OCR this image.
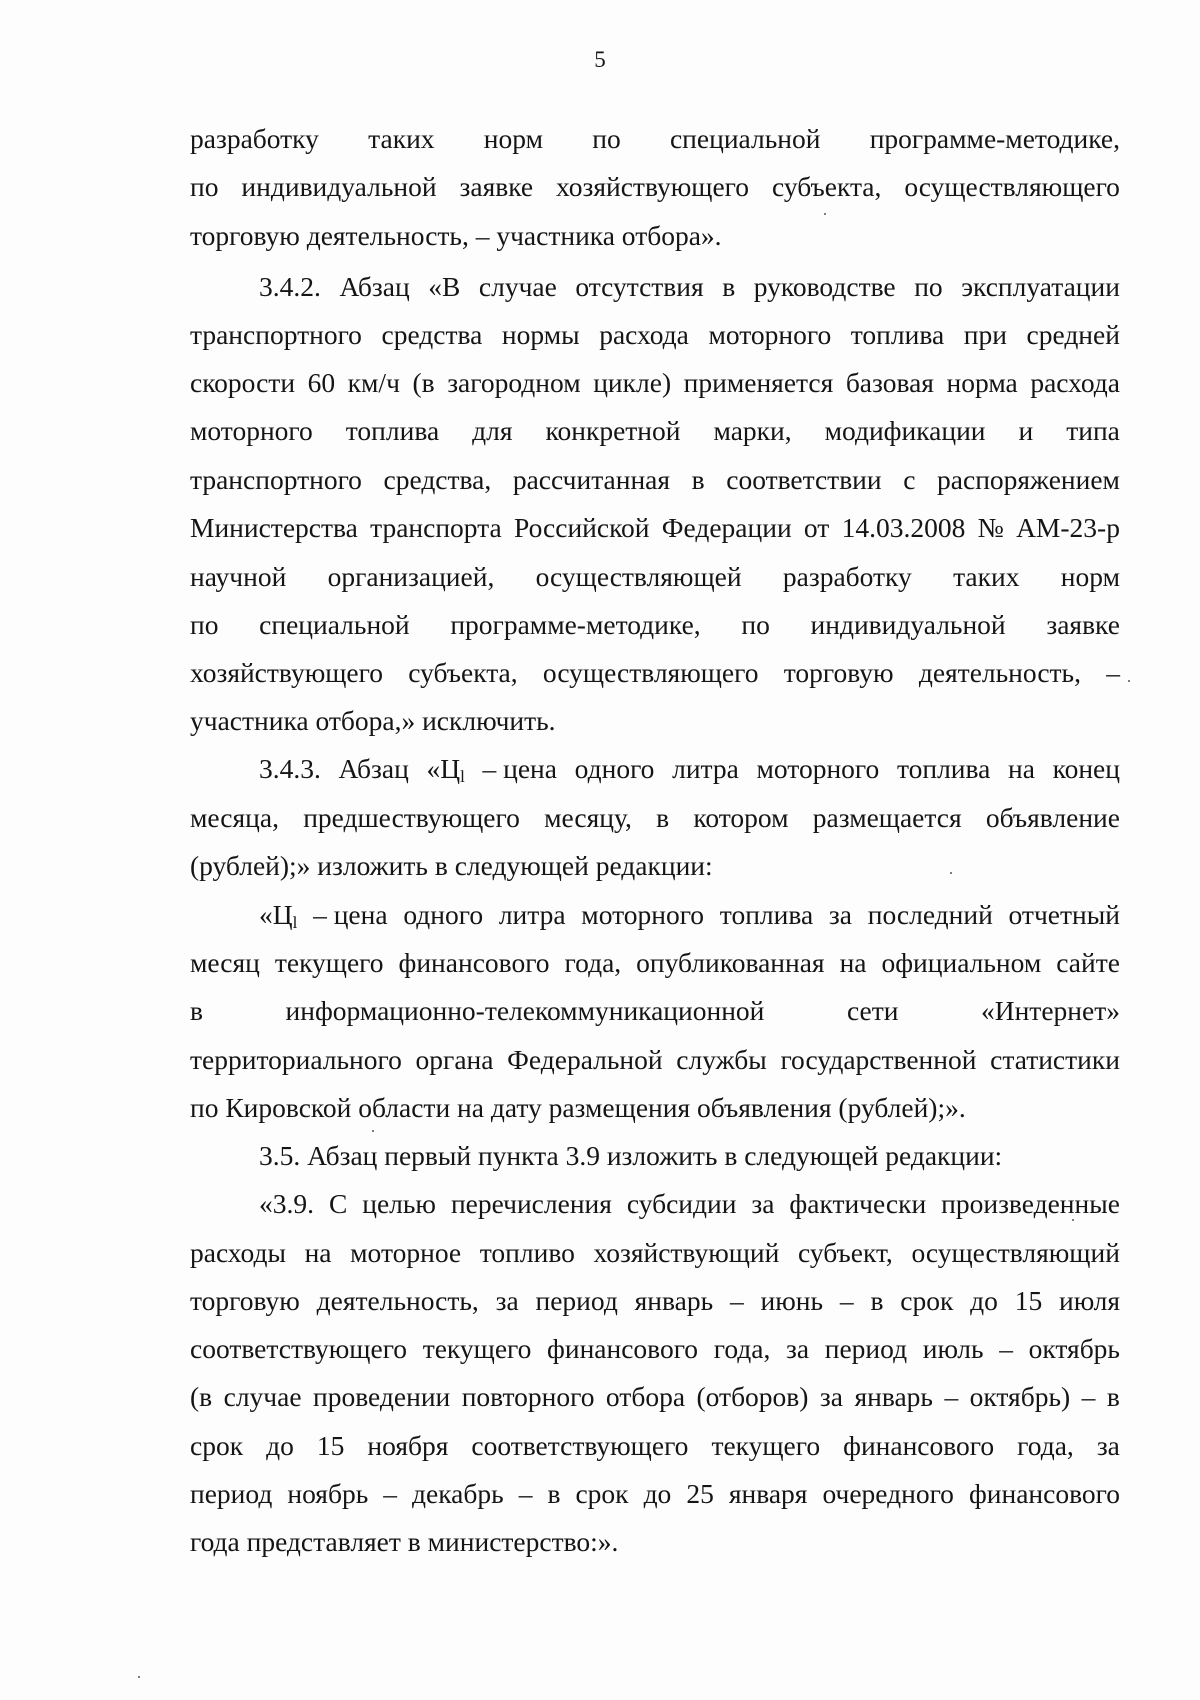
5
разработку таких норм по специальной программе-методике,
по индивидуальной заявке хозяйствующего субъекта, осуществляющего
торговую деятельность, – участника отбора».
3.4.2. Абзац «В случае отсутствия в руководстве по эксплуатации
транспортного средства нормы расхода моторного топлива при средней
скорости 60 км/ч (в загородном цикле) применяется базовая норма расхода
моторного топлива для конкретной марки, модификации и типа
транспортного средства, рассчитанная в соответствии с распоряжением
Министерства транспорта Российской Федерации от 14.03.2008 № АМ-23-р
научной организацией, осуществляющей разработку таких норм
по специальной программе-методике, по индивидуальной заявке
хозяйствующего субъекта, осуществляющего торговую деятельность, –
участника отбора,» исключить.
3.4.3. Абзац «$Ц_l$ – цена одного литра моторного топлива на конец
месяца, предшествующего месяцу, в котором размещается объявление
(рублей);» изложить в следующей редакции:
«$Ц_l$ – цена одного литра моторного топлива за последний отчетный
месяц текущего финансового года, опубликованная на официальном сайте
в	информационно-телекоммуникационной	сети	«Интернет»
территориального органа Федеральной службы государственной статистики
по Кировской области на дату размещения объявления (рублей);».
3.5. Абзац первый пункта 3.9 изложить в следующей редакции:
«3.9. С целью перечисления субсидии за фактически произведенные
расходы на моторное топливо хозяйствующий субъект, осуществляющий
торговую деятельность, за период январь – июнь – в срок до 15 июля
соответствующего текущего финансового года, за период июль – октябрь
(в случае проведении повторного отбора (отборов) за январь – октябрь) – в
срок до 15 ноября соответствующего текущего финансового года, за
период ноябрь – декабрь – в срок до 25 января очередного финансового
года представляет в министерство:».
